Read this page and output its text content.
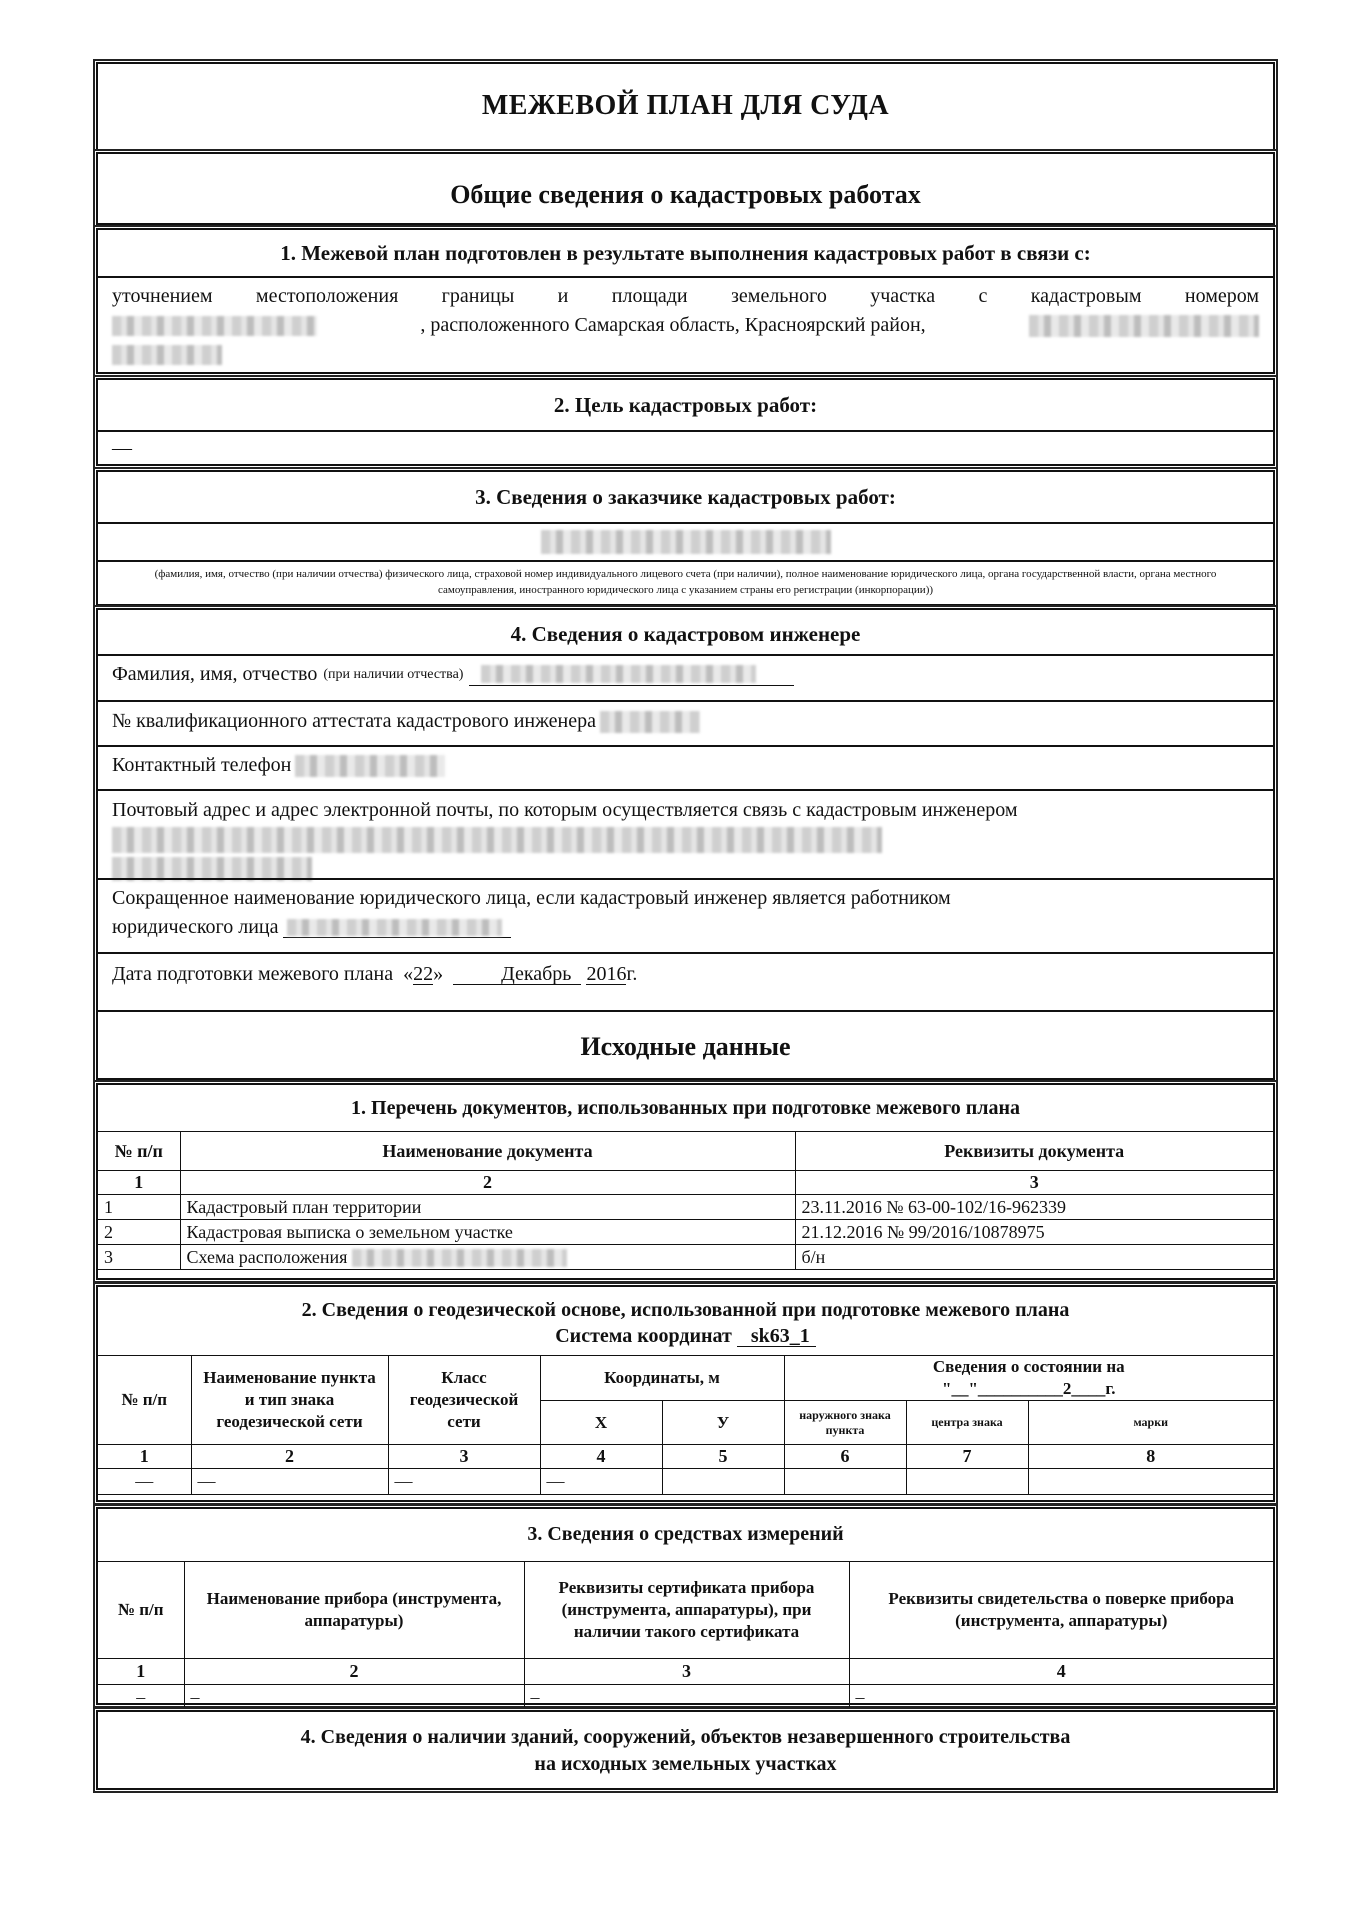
МЕЖЕВОЙ ПЛАН ДЛЯ СУДА
Общие сведения о кадастровых работах
1. Межевой план подготовлен в результате выполнения кадастровых работ в связи с:
уточнением местоположения границы и площади земельного участка с кадастровым номером
, расположенного Самарская область, Красноярский район,
2. Цель кадастровых работ:
—
3. Сведения о заказчике кадастровых работ:
(фамилия, имя, отчество (при наличии отчества) физического лица, страховой номер индивидуального лицевого счета (при наличии), полное наименование юридического лица, органа государственной власти, органа местного самоуправления, иностранного юридического лица с указанием страны его регистрации (инкорпорации))
4. Сведения о кадастровом инженере
Фамилия, имя, отчество (при наличии отчества)
№ квалификационного аттестата кадастрового инженера
Контактный телефон
Почтовый адрес и адрес электронной почты, по которым осуществляется связь с кадастровым инженером
Сокращенное наименование юридического лица, если кадастровый инженер является работником
юридического лица
Дата подготовки межевого плана «22»	Декабрь 2016г.
Исходные данные
1. Перечень документов, использованных при подготовке межевого плана
№ п/п	Наименование документа	Реквизиты документа
1	2	3
1	Кадастровый план территории	23.11.2016 № 63-00-102/16-962339
2	Кадастровая выписка о земельном участке	21.12.2016 № 99/2016/10878975
3	Схема расположения	б/н
2. Сведения о геодезической основе, использованной при подготовке межевого плана
Система координат sk63_1
№ п/п	Наименование пункта и тип знака геодезической сети	Класс геодезической сети	Координаты, м		Сведения о состоянии на
"__"__________2____г.		

			X	У	наружного знака пункта	центра знака	марки
1	2	3	4	5	6	7	8
—	—	—	—				
3. Сведения о средствах измерений
№ п/п	Наименование прибора (инструмента, аппаратуры)	Реквизиты сертификата прибора (инструмента, аппаратуры), при наличии такого сертификата	Реквизиты свидетельства о поверке прибора (инструмента, аппаратуры)
1	2	3	4
–	–	–	–
4. Сведения о наличии зданий, сооружений, объектов незавершенного строительства
на исходных земельных участках
